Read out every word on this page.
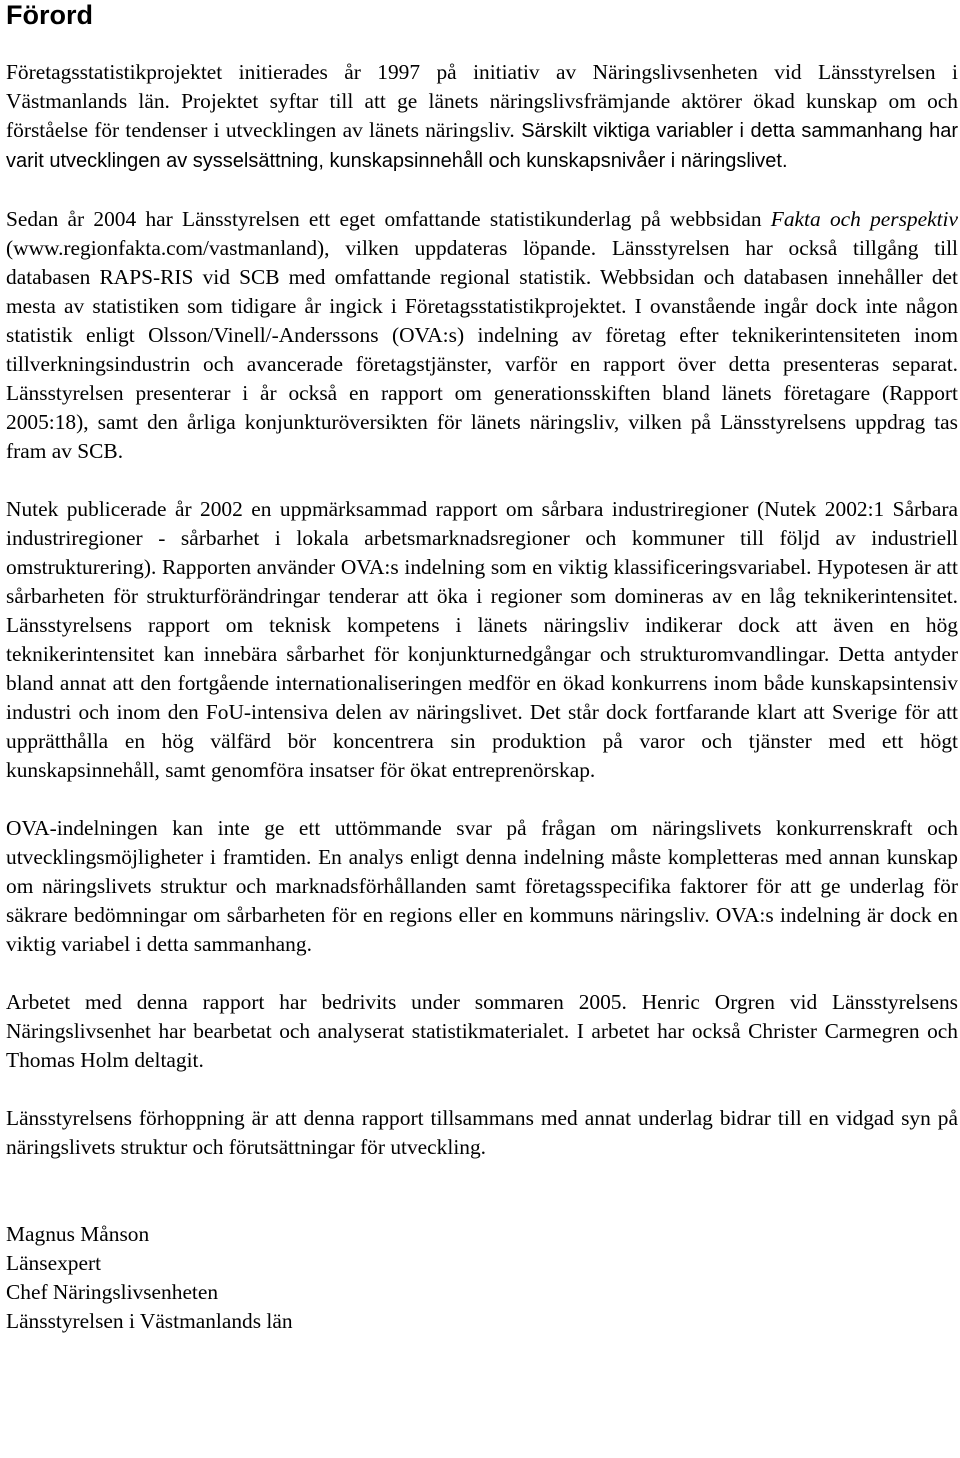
Förord

Företagsstatistikprojektet initierades år 1997 på initiativ av Näringslivsenheten vid Länsstyrelsen i Västmanlands län. Projektet syftar till att ge länets näringslivsfrämjande aktörer ökad kunskap om och förståelse för tendenser i utvecklingen av länets näringsliv. Särskilt viktiga variabler i detta sammanhang har varit utvecklingen av sysselsättning, kunskapsinnehåll och kunskapsnivåer i näringslivet.

Sedan år 2004 har Länsstyrelsen ett eget omfattande statistikunderlag på webbsidan Fakta och perspektiv (www.regionfakta.com/vastmanland), vilken uppdateras löpande. Länsstyrelsen har också tillgång till databasen RAPS-RIS vid SCB med omfattande regional statistik. Webbsidan och databasen innehåller det mesta av statistiken som tidigare år ingick i Företagsstatistikprojektet. I ovanstående ingår dock inte någon statistik enligt Olsson/Vinell/-Anderssons (OVA:s) indelning av företag efter teknikerintensiteten inom tillverkningsindustrin och avancerade företagstjänster, varför en rapport över detta presenteras separat. Länsstyrelsen presenterar i år också en rapport om generationsskiften bland länets företagare (Rapport 2005:18), samt den årliga konjunkturöversikten för länets näringsliv, vilken på Länsstyrelsens uppdrag tas fram av SCB.

Nutek publicerade år 2002 en uppmärksammad rapport om sårbara industriregioner (Nutek 2002:1 Sårbara industriregioner - sårbarhet i lokala arbetsmarknadsregioner och kommuner till följd av industriell omstrukturering). Rapporten använder OVA:s indelning som en viktig klassificeringsvariabel. Hypotesen är att sårbarheten för strukturförändringar tenderar att öka i regioner som domineras av en låg teknikerintensitet. Länsstyrelsens rapport om teknisk kompetens i länets näringsliv indikerar dock att även en hög teknikerintensitet kan innebära sårbarhet för konjunkturnedgångar och strukturomvandlingar. Detta antyder bland annat att den fortgående internationaliseringen medför en ökad konkurrens inom både kunskapsintensiv industri och inom den FoU-intensiva delen av näringslivet. Det står dock fortfarande klart att Sverige för att upprätthålla en hög välfärd bör koncentrera sin produktion på varor och tjänster med ett högt kunskapsinnehåll, samt genomföra insatser för ökat entreprenörskap.

OVA-indelningen kan inte ge ett uttömmande svar på frågan om näringslivets konkurrenskraft och utvecklingsmöjligheter i framtiden. En analys enligt denna indelning måste kompletteras med annan kunskap om näringslivets struktur och marknadsförhållanden samt företagsspecifika faktorer för att ge underlag för säkrare bedömningar om sårbarheten för en regions eller en kommuns näringsliv. OVA:s indelning är dock en viktig variabel i detta sammanhang.

Arbetet med denna rapport har bedrivits under sommaren 2005. Henric Orgren vid Länsstyrelsens Näringslivsenhet har bearbetat och analyserat statistikmaterialet. I arbetet har också Christer Carmegren och Thomas Holm deltagit.

Länsstyrelsens förhoppning är att denna rapport tillsammans med annat underlag bidrar till en vidgad syn på näringslivets struktur och förutsättningar för utveckling.

Magnus Månson
Länsexpert
Chef Näringslivsenheten
Länsstyrelsen i Västmanlands län
